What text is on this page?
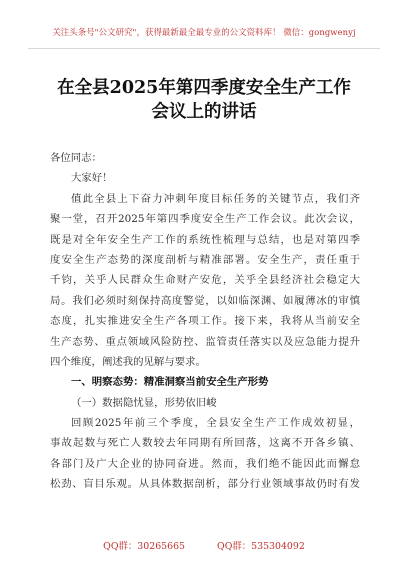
关注头条号"公文研究"，获得最新最全最专业的公文资料库！ 微信：gongwenyj
在全县2025年第四季度安全生产工作
会议上的讲话
各位同志：
大家好！
值此全县上下奋力冲刺年度目标任务的关键节点，我们齐
聚一堂，召开2025年第四季度安全生产工作会议。此次会议，
既是对全年安全生产工作的系统性梳理与总结，也是对第四季
度安全生产态势的深度剖析与精准部署。安全生产，责任重于
千钧，关乎人民群众生命财产安危，关乎全县经济社会稳定大
局。我们必须时刻保持高度警觉，以如临深渊、如履薄冰的审慎
态度，扎实推进安全生产各项工作。接下来，我将从当前安全
生产态势、重点领域风险防控、监管责任落实以及应急能力提升
四个维度，阐述我的见解与要求。
一、明察态势：精准洞察当前安全生产形势
（一）数据隐忧显，形势依旧峻
回顾2025年前三个季度，全县安全生产工作成效初显，
事故起数与死亡人数较去年同期有所回落，这离不开各乡镇、
各部门及广大企业的协同奋进。然而，我们绝不能因此而懈怠
松劲、盲目乐观。从具体数据剖析，部分行业领域事故仍时有发
QQ群：30265665	QQ群：535304092
